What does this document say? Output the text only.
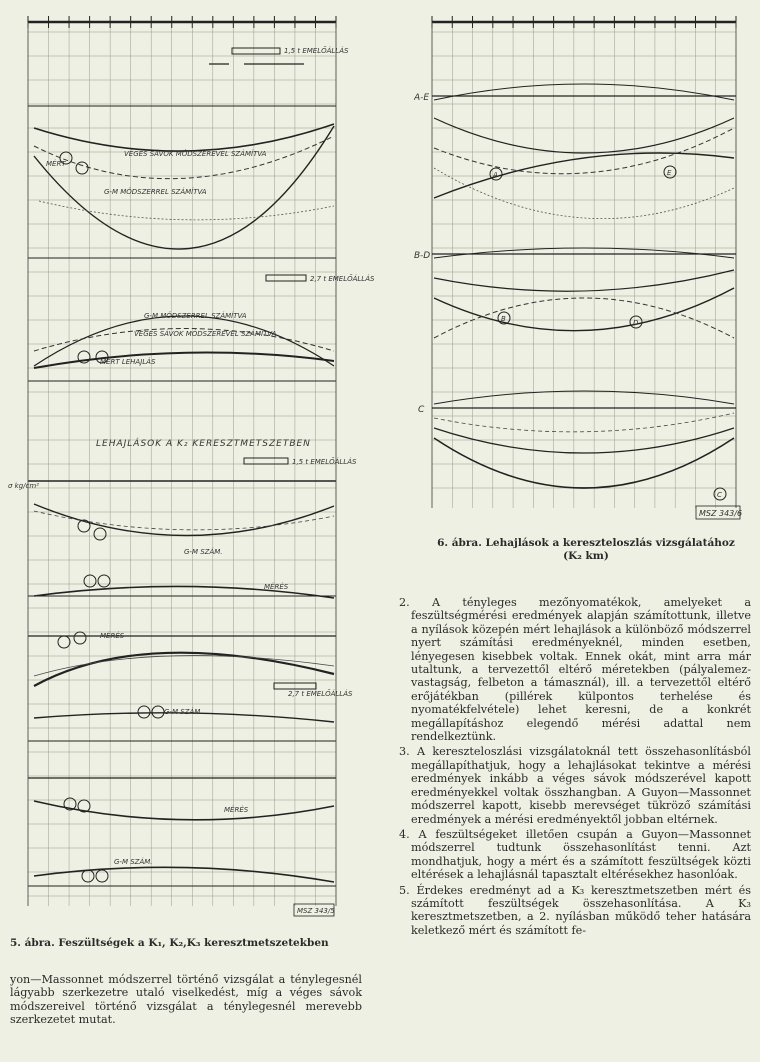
1,5 t EMELŐÁLLÁS
2,7 t EMELŐÁLLÁS
1,5 t EMELŐÁLLÁS
2,7 t EMELŐÁLLÁS
VÉGES SÁVOK MÓDSZEREVEL SZÁMÍTVA
G-M MÓDSZERREL SZÁMÍTVA
MÉRT
G-M MÓDSZERREL SZÁMÍTVA
VÉGES SÁVOK MÓDSZEREVEL SZÁMÍTVA
MÉRT LEHAJLÁS
LEHAJLÁSOK A K₂ KERESZTMETSZETBEN
σ kg/cm²
G-M SZÁM.
MÉRÉS
MÉRÉS
G-M SZÁM.
MÉRÉS
G-M SZÁM.
MSZ 343/5
5. ábra. Feszültségek a K₁, K₂,K₃ keresztmetszetekben

yon—Massonnet módszerrel történő vizsgálat a ténylegesnél lágyabb szerkezetre utaló viselkedést, míg a véges sávok módszereivel történő vizsgálat a ténylegesnél merevebb szerkezetet mutat.

A-E
A	E
B-D
B	D
C
C
MSZ 343/6
6. ábra. Lehajlások a kereszteloszlás vizsgálatához
(K₂ km)

2. A tényleges mezőnyomatékok, amelyeket a feszültségmérési eredmények alapján számítottunk, illetve a nyílások közepén mért lehajlások a különböző módszerrel nyert számítási eredményeknél, minden esetben, lényegesen kisebbek voltak. Ennek okát, mint arra már utaltunk, a tervezettől eltérő méretekben (pályalemez-vastagság, felbeton a támasznál), ill. a tervezettől eltérő erőjátékban (pillérek külpontos terhelése és nyomatékfelvétele) lehet keresni, de a konkrét megállapításhoz elegendő mérési adattal nem rendelkeztünk.

3. A kereszteloszlási vizsgálatoknál tett összehasonlításból megállapíthatjuk, hogy a lehajlásokat tekintve a mérési eredmények inkább a véges sávok módszerével kapott eredményekkel voltak összhangban. A Guyon—Massonnet módszerrel kapott, kisebb merevséget tükröző számítási eredmények a mérési eredményektől jobban eltérnek.

4. A feszültségeket illetően csupán a Guyon—Massonnet módszerrel tudtunk összehasonlítást tenni. Azt mondhatjuk, hogy a mért és a számított feszültségek közti eltérések a lehajlásnál tapasztalt eltérésekhez hasonlóak.

5. Érdekes eredményt ad a K₃ keresztmetszetben mért és számított feszültségek összehasonlítása. A K₃ keresztmetszetben, a 2. nyílásban működő teher hatására keletkező mért és számított fe-
